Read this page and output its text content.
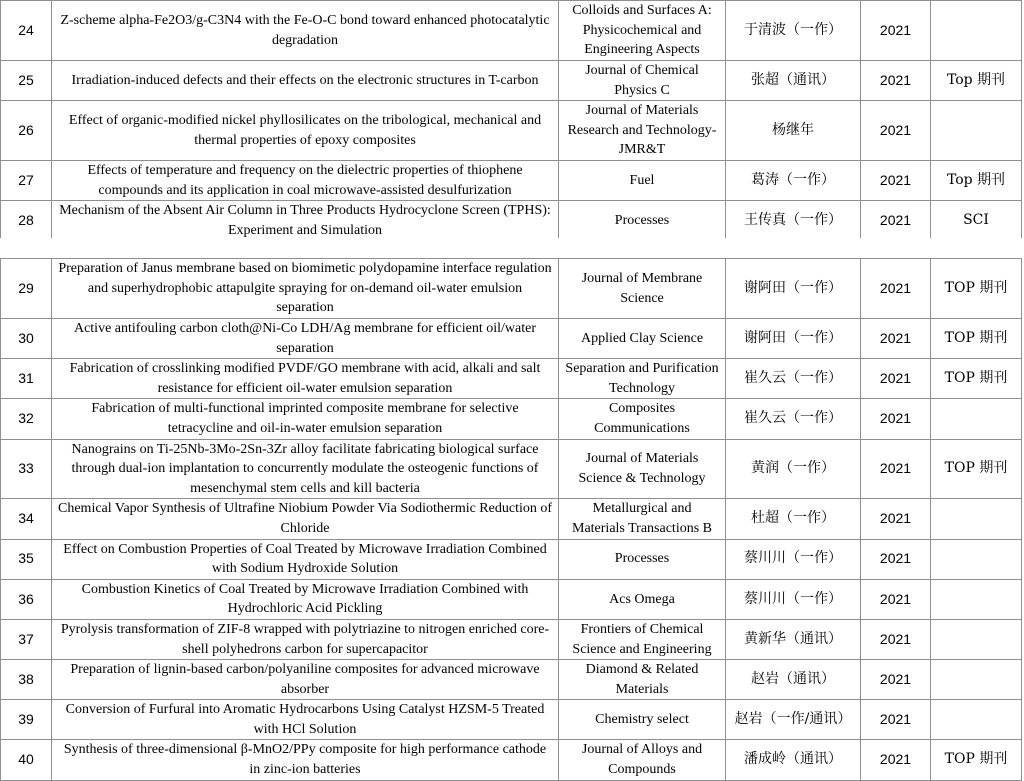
24	Z-scheme alpha-Fe2O3/g-C3N4 with the Fe-O-C bond toward enhanced photocatalytic degradation	Colloids and Surfaces A: Physicochemical and Engineering Aspects	于清波（一作）	2021	
25	Irradiation-induced defects and their effects on the electronic structures in T-carbon	Journal of Chemical Physics C	张超（通讯）	2021	Top 期刊
26	Effect of organic-modified nickel phyllosilicates on the tribological, mechanical and thermal properties of epoxy composites	Journal of Materials Research and Technology-JMR&T	杨继年	2021	
27	Effects of temperature and frequency on the dielectric properties of thiophene compounds and its application in coal microwave-assisted desulfurization	Fuel	葛涛（一作）	2021	Top 期刊
28	Mechanism of the Absent Air Column in Three Products Hydrocyclone Screen (TPHS): Experiment and Simulation	Processes	王传真（一作）	2021	SCI
29	Preparation of Janus membrane based on biomimetic polydopamine interface regulation and superhydrophobic attapulgite spraying for on-demand oil-water emulsion separation	Journal of Membrane Science	谢阿田（一作）	2021	TOP 期刊
30	Active antifouling carbon cloth@Ni-Co LDH/Ag membrane for efficient oil/water separation	Applied Clay Science	谢阿田（一作）	2021	TOP 期刊
31	Fabrication of crosslinking modified PVDF/GO membrane with acid, alkali and salt resistance for efficient oil-water emulsion separation	Separation and Purification Technology	崔久云（一作）	2021	TOP 期刊
32	Fabrication of multi-functional imprinted composite membrane for selective tetracycline and oil-in-water emulsion separation	Composites Communications	崔久云（一作）	2021	
33	Nanograins on Ti-25Nb-3Mo-2Sn-3Zr alloy facilitate fabricating biological surface through dual-ion implantation to concurrently modulate the osteogenic functions of mesenchymal stem cells and kill bacteria	Journal of Materials Science & Technology	黄润（一作）	2021	TOP 期刊
34	Chemical Vapor Synthesis of Ultrafine Niobium Powder Via Sodiothermic Reduction of Chloride	Metallurgical and Materials Transactions B	杜超（一作）	2021	
35	Effect on Combustion Properties of Coal Treated by Microwave Irradiation Combined with Sodium Hydroxide Solution	Processes	蔡川川（一作）	2021	
36	Combustion Kinetics of Coal Treated by Microwave Irradiation Combined with Hydrochloric Acid Pickling	Acs Omega	蔡川川（一作）	2021	
37	Pyrolysis transformation of ZIF-8 wrapped with polytriazine to nitrogen enriched core-shell polyhedrons carbon for supercapacitor	Frontiers of Chemical Science and Engineering	黄新华（通讯）	2021	
38	Preparation of lignin-based carbon/polyaniline composites for advanced microwave absorber	Diamond & Related Materials	赵岩（通讯）	2021	
39	Conversion of Furfural into Aromatic Hydrocarbons Using Catalyst HZSM-5 Treated with HCl Solution	Chemistry select	赵岩（一作/通讯）	2021	
40	Synthesis of three-dimensional β-MnO2/PPy composite for high performance cathode in zinc-ion batteries	Journal of Alloys and Compounds	潘成岭（通讯）	2021	TOP 期刊
